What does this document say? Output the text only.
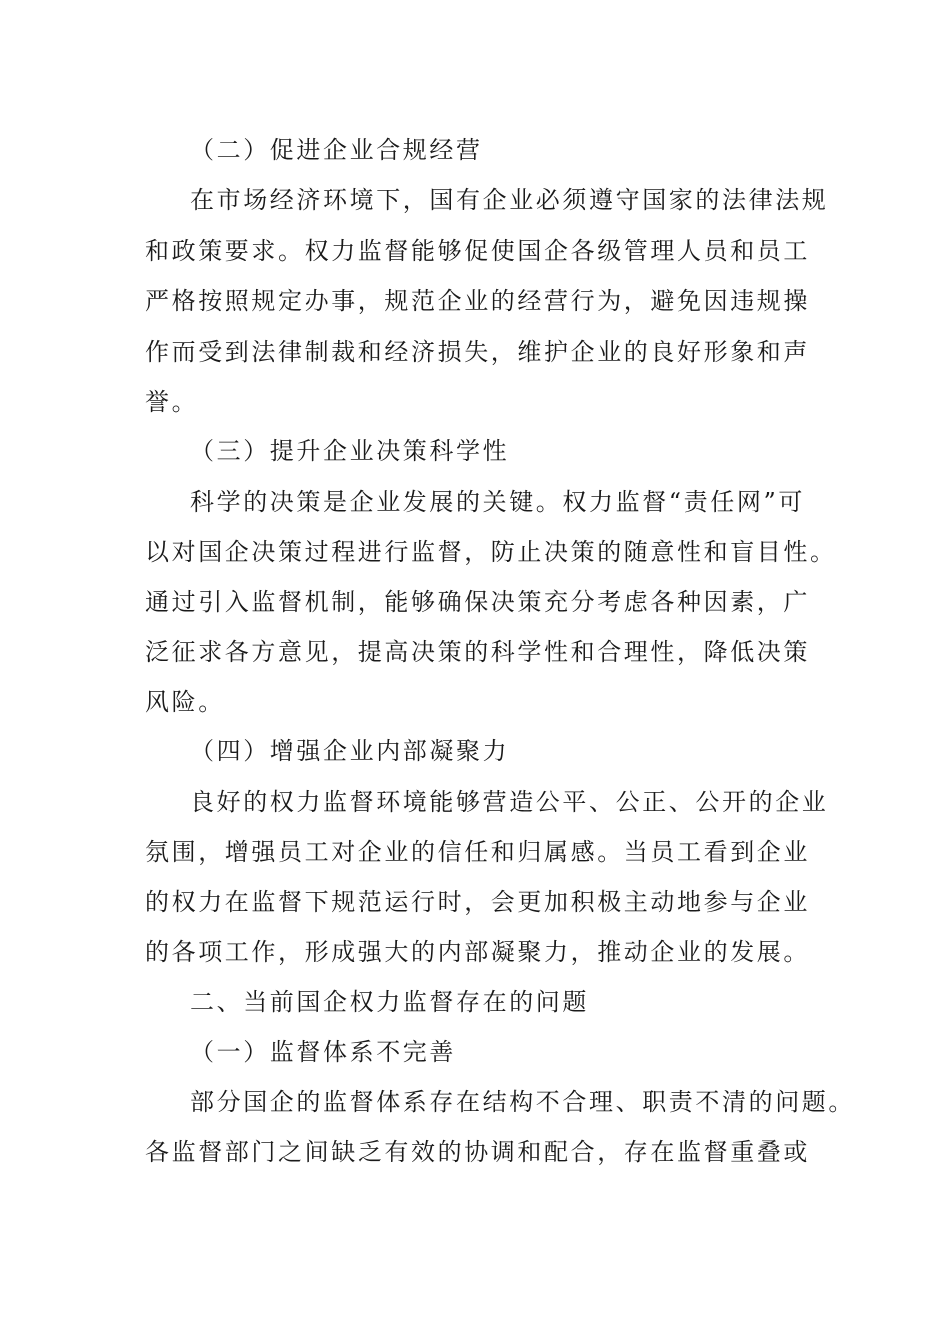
（二）促进企业合规经营
在市场经济环境下，国有企业必须遵守国家的法律法规
和政策要求。权力监督能够促使国企各级管理人员和员工
严格按照规定办事，规范企业的经营行为，避免因违规操
作而受到法律制裁和经济损失，维护企业的良好形象和声
誉。
（三）提升企业决策科学性
科学的决策是企业发展的关键。权力监督“责任网”可
以对国企决策过程进行监督，防止决策的随意性和盲目性。
通过引入监督机制，能够确保决策充分考虑各种因素，广
泛征求各方意见，提高决策的科学性和合理性，降低决策
风险。
（四）增强企业内部凝聚力
良好的权力监督环境能够营造公平、公正、公开的企业
氛围，增强员工对企业的信任和归属感。当员工看到企业
的权力在监督下规范运行时，会更加积极主动地参与企业
的各项工作，形成强大的内部凝聚力，推动企业的发展。
二、当前国企权力监督存在的问题
（一）监督体系不完善
部分国企的监督体系存在结构不合理、职责不清的问题。
各监督部门之间缺乏有效的协调和配合，存在监督重叠或
